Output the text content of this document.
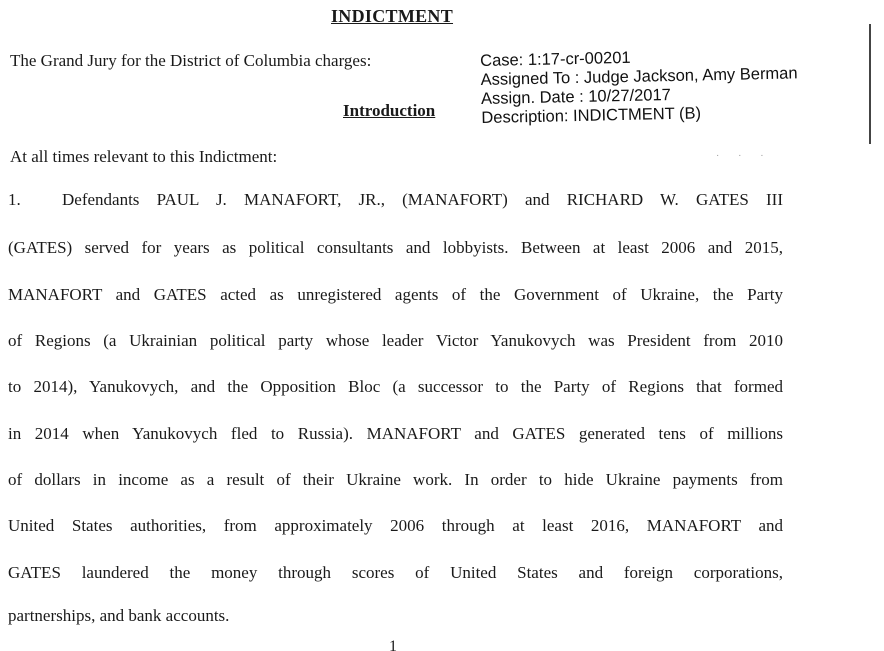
INDICTMENT
The Grand Jury for the District of Columbia charges:
Introduction
Case: 1:17-cr-00201
Assigned To : Judge Jackson, Amy Berman
Assign. Date : 10/27/2017
Description: INDICTMENT (B)
· · ·
At all times relevant to this Indictment:
1. Defendants PAUL J. MANAFORT, JR., (MANAFORT) and RICHARD W. GATES III
(GATES) served for years as political consultants and lobbyists. Between at least 2006 and 2015,
MANAFORT and GATES acted as unregistered agents of the Government of Ukraine, the Party
of Regions (a Ukrainian political party whose leader Victor Yanukovych was President from 2010
to 2014), Yanukovych, and the Opposition Bloc (a successor to the Party of Regions that formed
in 2014 when Yanukovych fled to Russia). MANAFORT and GATES generated tens of millions
of dollars in income as a result of their Ukraine work. In order to hide Ukraine payments from
United States authorities, from approximately 2006 through at least 2016, MANAFORT and
GATES laundered the money through scores of United States and foreign corporations,
partnerships, and bank accounts.
1
